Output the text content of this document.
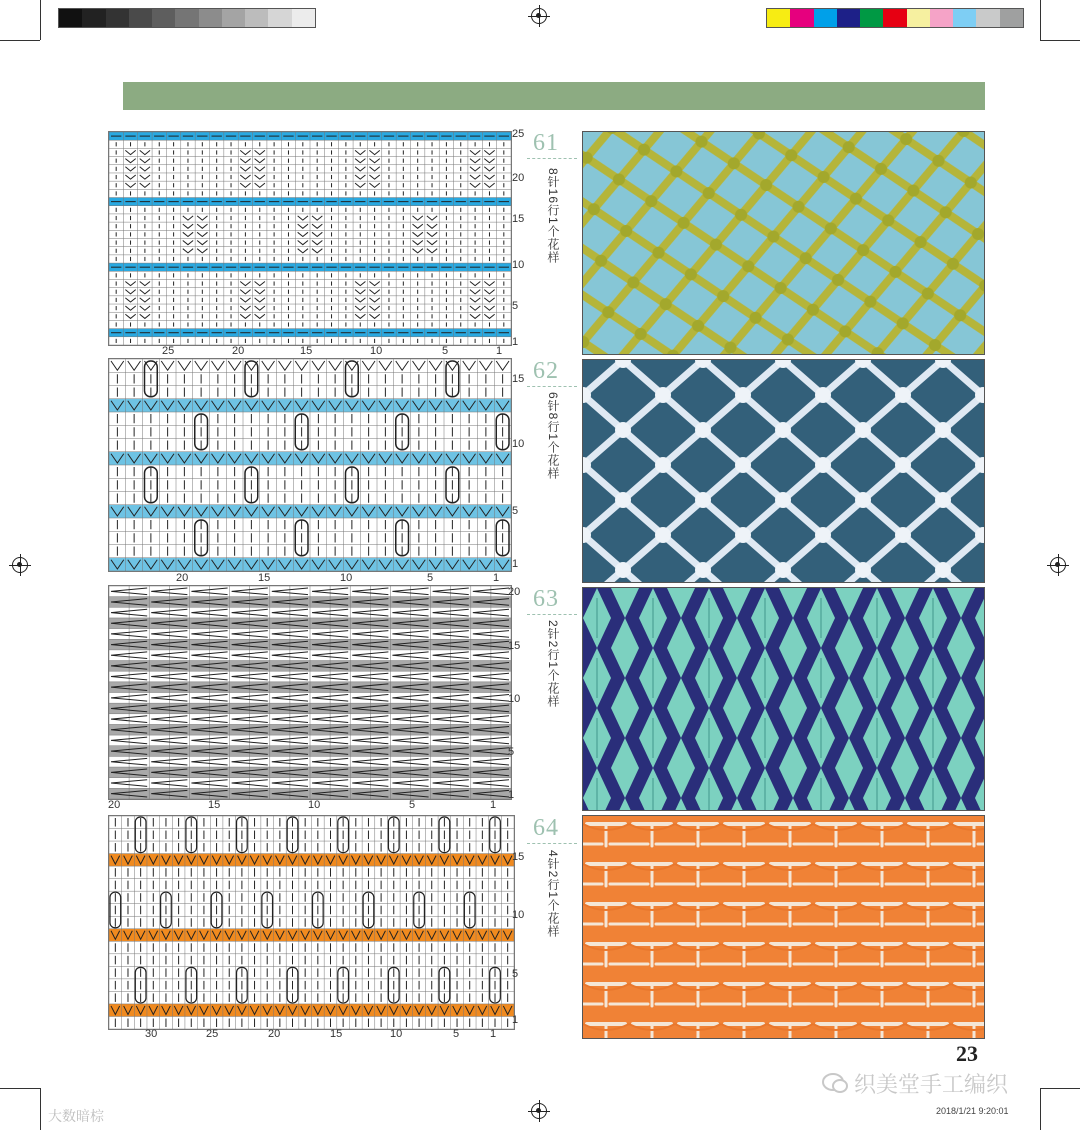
25
20
15
10
5
1
25	20	15	10	5	1
61
8针16行1个花样
15
10
5
1
20	15	10	5	1
62
6针8行1个花样
20
15
10
5
1
20	15	10	5	1
63
2针2行1个花样
15
10
5
1
30	25	20	15	10	5	1
64
4针2行1个花样
23
织美堂手工编织
大数暗棕	2018/1/21 9:20:01
